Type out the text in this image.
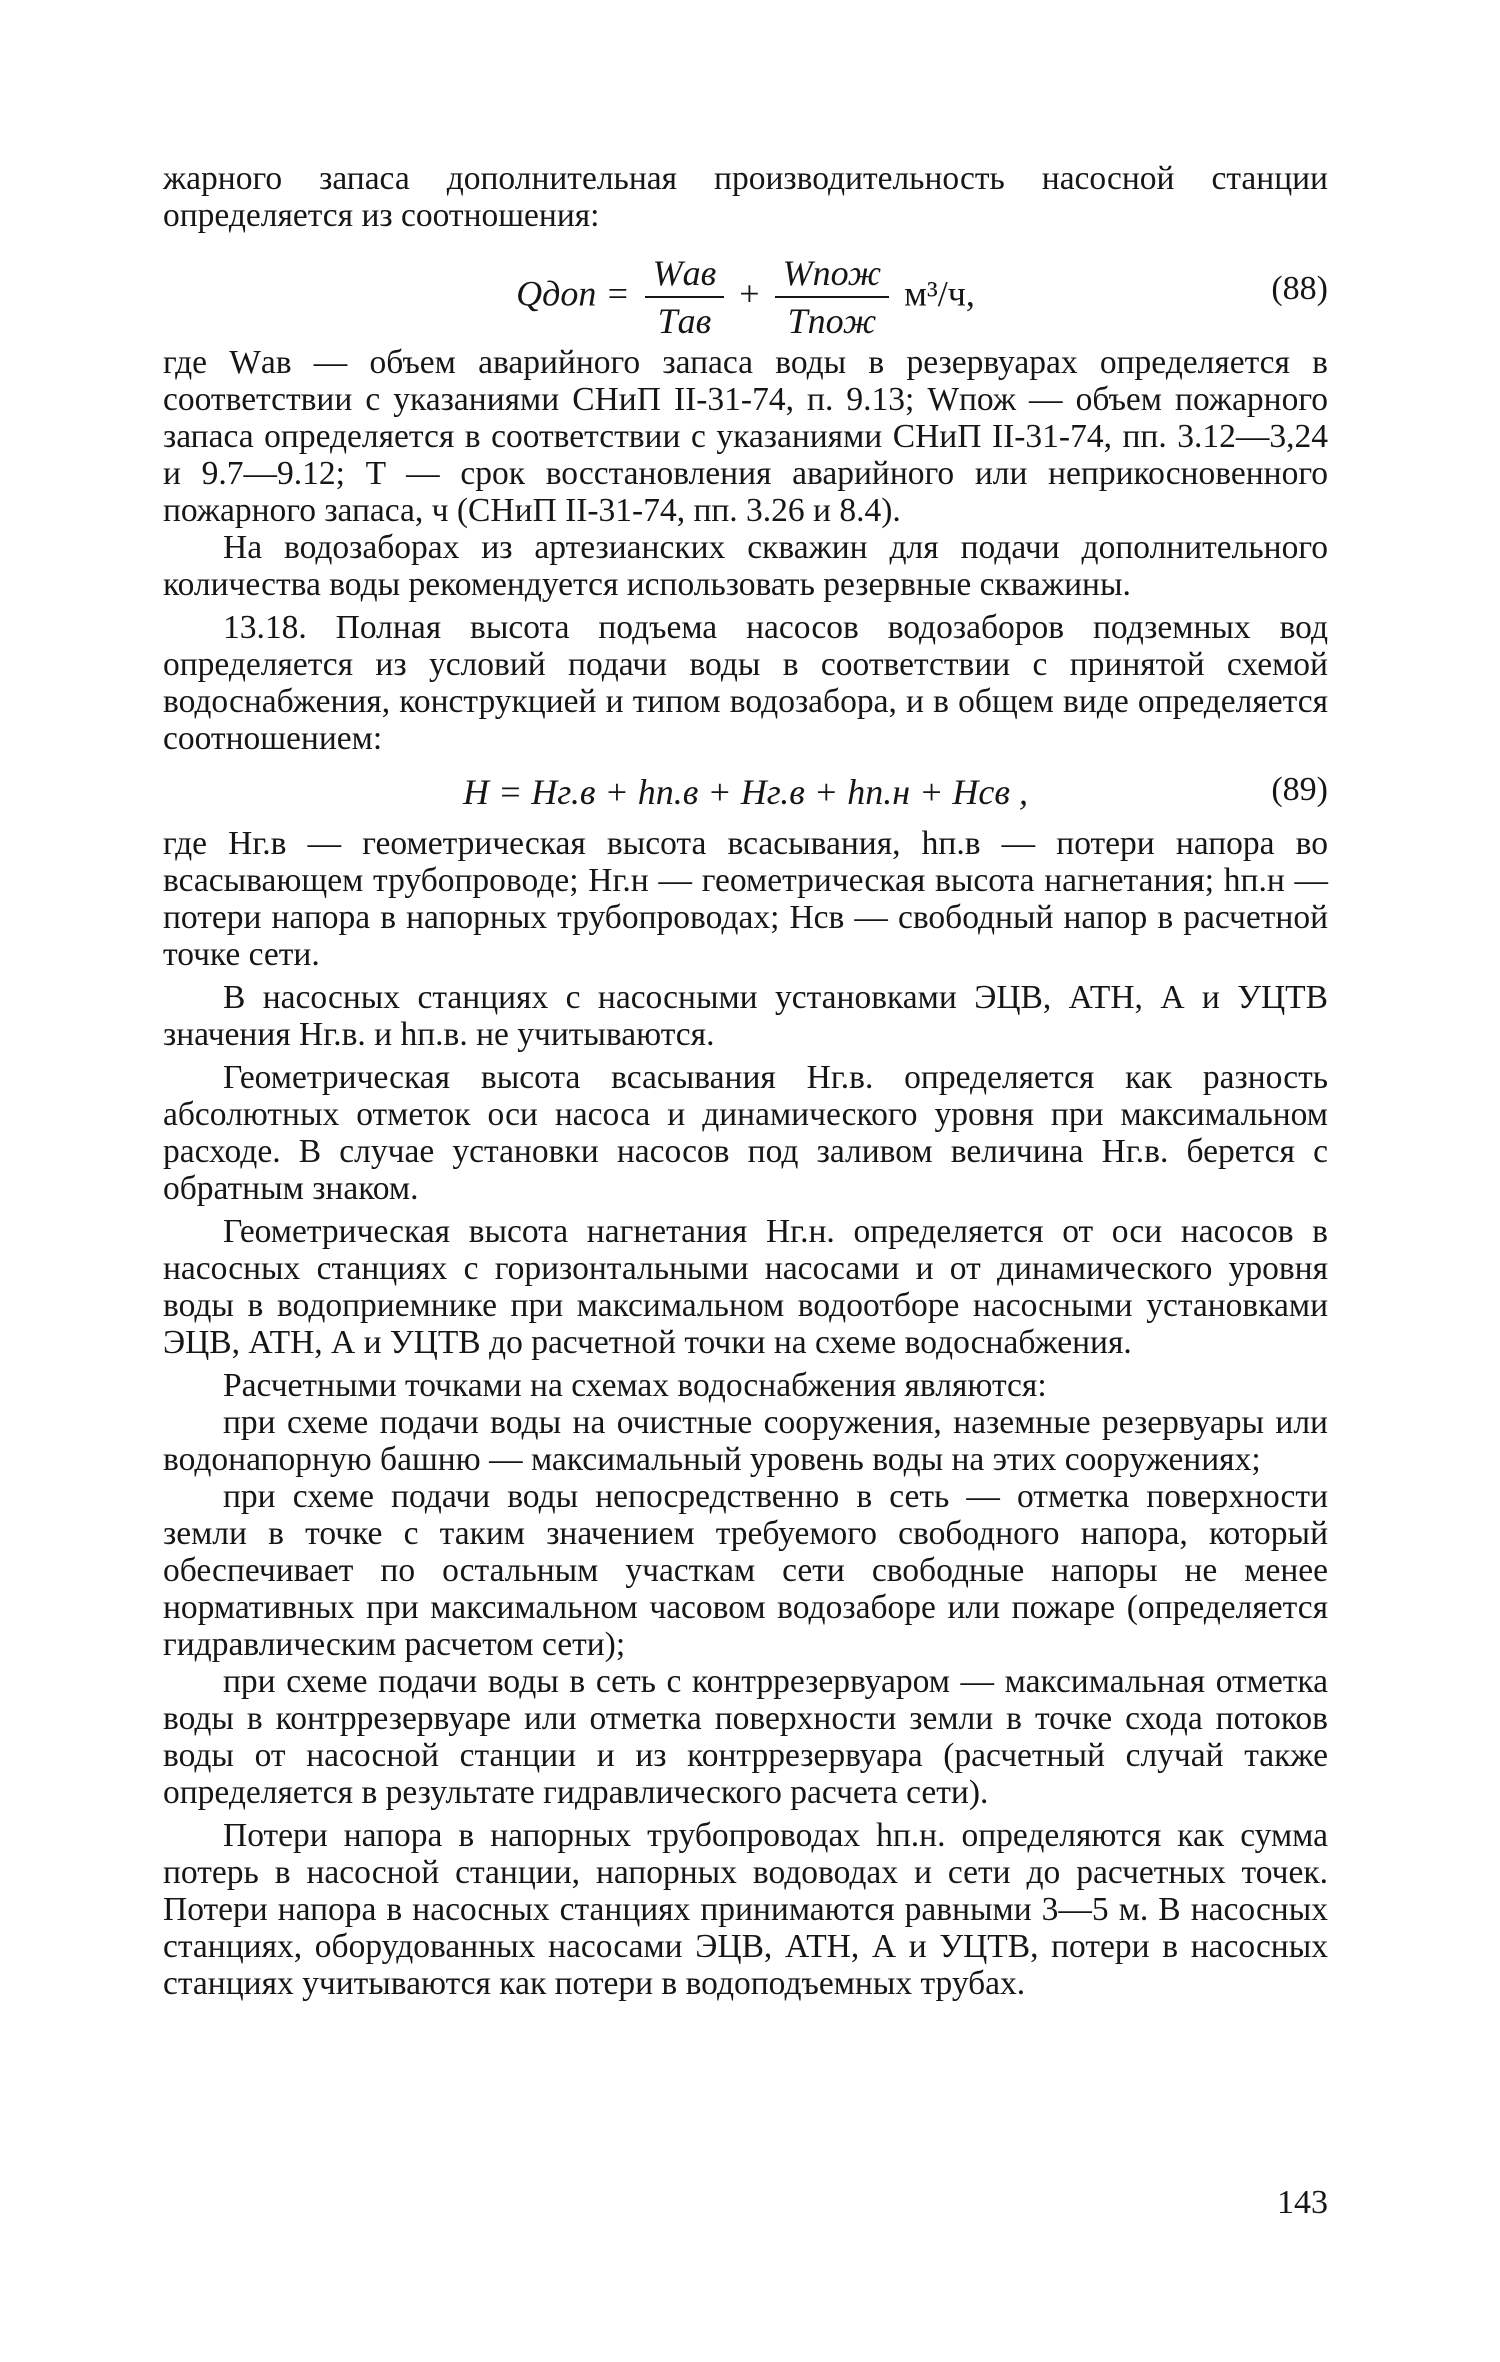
жарного запаса дополнительная производительность насосной станции определяется из соотношения:

Qдоп = $\frac{\text{Wав}}{\text{Tав}} + \frac{\text{Wпож}}{\text{Tпож}} м^3/ч$,	(88)

где Wав — объем аварийного запаса воды в резервуарах определяется в соответствии с указаниями СНиП II-31-74, п. 9.13; Wпож — объем пожарного запаса определяется в соответствии с указаниями СНиП II-31-74, пп. 3.12—3,24 и 9.7—9.12; T — срок восстановления аварийного или неприкосновенного пожарного запаса, ч (СНиП II-31-74, пп. 3.26 и 8.4).

На водозаборах из артезианских скважин для подачи дополнительного количества воды рекомендуется использовать резервные скважины.

13.18. Полная высота подъема насосов водозаборов подземных вод определяется из условий подачи воды в соответствии с принятой схемой водоснабжения, конструкцией и типом водозабора, и в общем виде определяется соотношением:

H = Hг.в + hп.в + Hг.в + hп.н + Hсв ,	(89)

где Hг.в — геометрическая высота всасывания, hп.в — потери напора во всасывающем трубопроводе; Hг.н — геометрическая высота нагнетания; hп.н — потери напора в напорных трубопроводах; Hсв — свободный напор в расчетной точке сети.

В насосных станциях с насосными установками ЭЦВ, АТН, А и УЦТВ значения Hг.в. и hп.в. не учитываются.

Геометрическая высота всасывания Hг.в. определяется как разность абсолютных отметок оси насоса и динамического уровня при максимальном расходе. В случае установки насосов под заливом величина Hг.в. берется с обратным знаком.

Геометрическая высота нагнетания Hг.н. определяется от оси насосов в насосных станциях с горизонтальными насосами и от динамического уровня воды в водоприемнике при максимальном водоотборе насосными установками ЭЦВ, АТН, А и УЦТВ до расчетной точки на схеме водоснабжения.

Расчетными точками на схемах водоснабжения являются:

при схеме подачи воды на очистные сооружения, наземные резервуары или водонапорную башню — максимальный уровень воды на этих сооружениях;

при схеме подачи воды непосредственно в сеть — отметка поверхности земли в точке с таким значением требуемого свободного напора, который обеспечивает по остальным участкам сети свободные напоры не менее нормативных при максимальном часовом водозаборе или пожаре (определяется гидравлическим расчетом сети);

при схеме подачи воды в сеть с контррезервуаром — максимальная отметка воды в контррезервуаре или отметка поверхности земли в точке схода потоков воды от насосной станции и из контррезервуара (расчетный случай также определяется в результате гидравлического расчета сети).

Потери напора в напорных трубопроводах hп.н. определяются как сумма потерь в насосной станции, напорных водоводах и сети до расчетных точек. Потери напора в насосных станциях принимаются равными 3—5 м. В насосных станциях, оборудованных насосами ЭЦВ, АТН, А и УЦТВ, потери в насосных станциях учитываются как потери в водоподъемных трубах.

143
